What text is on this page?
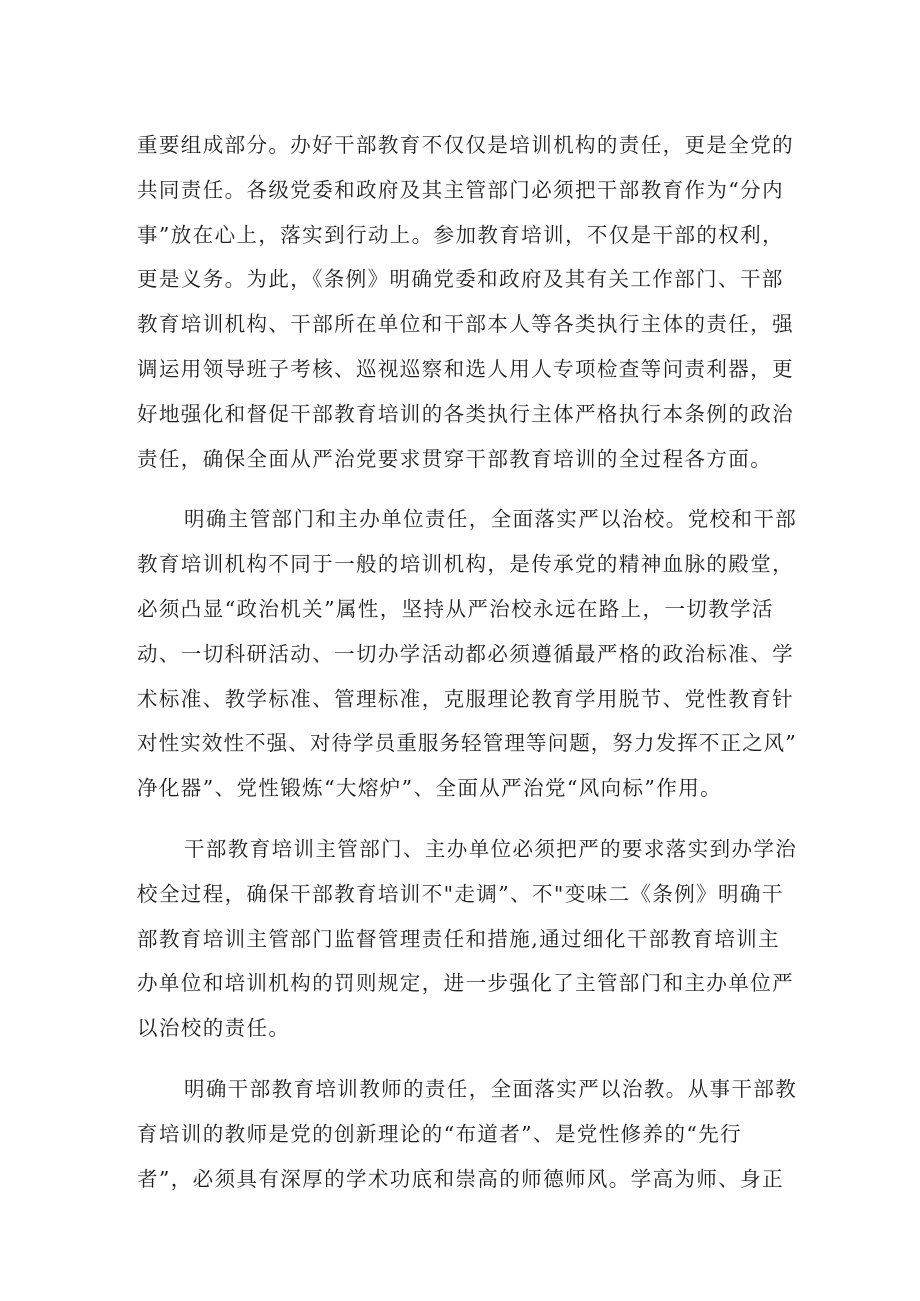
重要组成部分。办好干部教育不仅仅是培训机构的责任，更是全党的
共同责任。各级党委和政府及其主管部门必须把干部教育作为“分内
事”放在心上，落实到行动上。参加教育培训，不仅是干部的权利，
更是义务。为此，《条例》明确党委和政府及其有关工作部门、干部
教育培训机构、干部所在单位和干部本人等各类执行主体的责任，强
调运用领导班子考核、巡视巡察和选人用人专项检查等问责利器，更
好地强化和督促干部教育培训的各类执行主体严格执行本条例的政治
责任，确保全面从严治党要求贯穿干部教育培训的全过程各方面。
明确主管部门和主办单位责任，全面落实严以治校。党校和干部
教育培训机构不同于一般的培训机构，是传承党的精神血脉的殿堂，
必须凸显“政治机关”属性，坚持从严治校永远在路上，一切教学活
动、一切科研活动、一切办学活动都必须遵循最严格的政治标准、学
术标准、教学标准、管理标准，克服理论教育学用脱节、党性教育针
对性实效性不强、对待学员重服务轻管理等问题，努力发挥不正之风”
净化器”、党性锻炼“大熔炉”、全面从严治党“风向标”作用。
干部教育培训主管部门、主办单位必须把严的要求落实到办学治
校全过程，确保干部教育培训不"走调”、不"变味二《条例》明确干
部教育培训主管部门监督管理责任和措施,通过细化干部教育培训主
办单位和培训机构的罚则规定，进一步强化了主管部门和主办单位严
以治校的责任。
明确干部教育培训教师的责任，全面落实严以治教。从事干部教
育培训的教师是党的创新理论的“布道者”、是党性修养的“先行
者”，必须具有深厚的学术功底和崇高的师德师风。学高为师、身正
